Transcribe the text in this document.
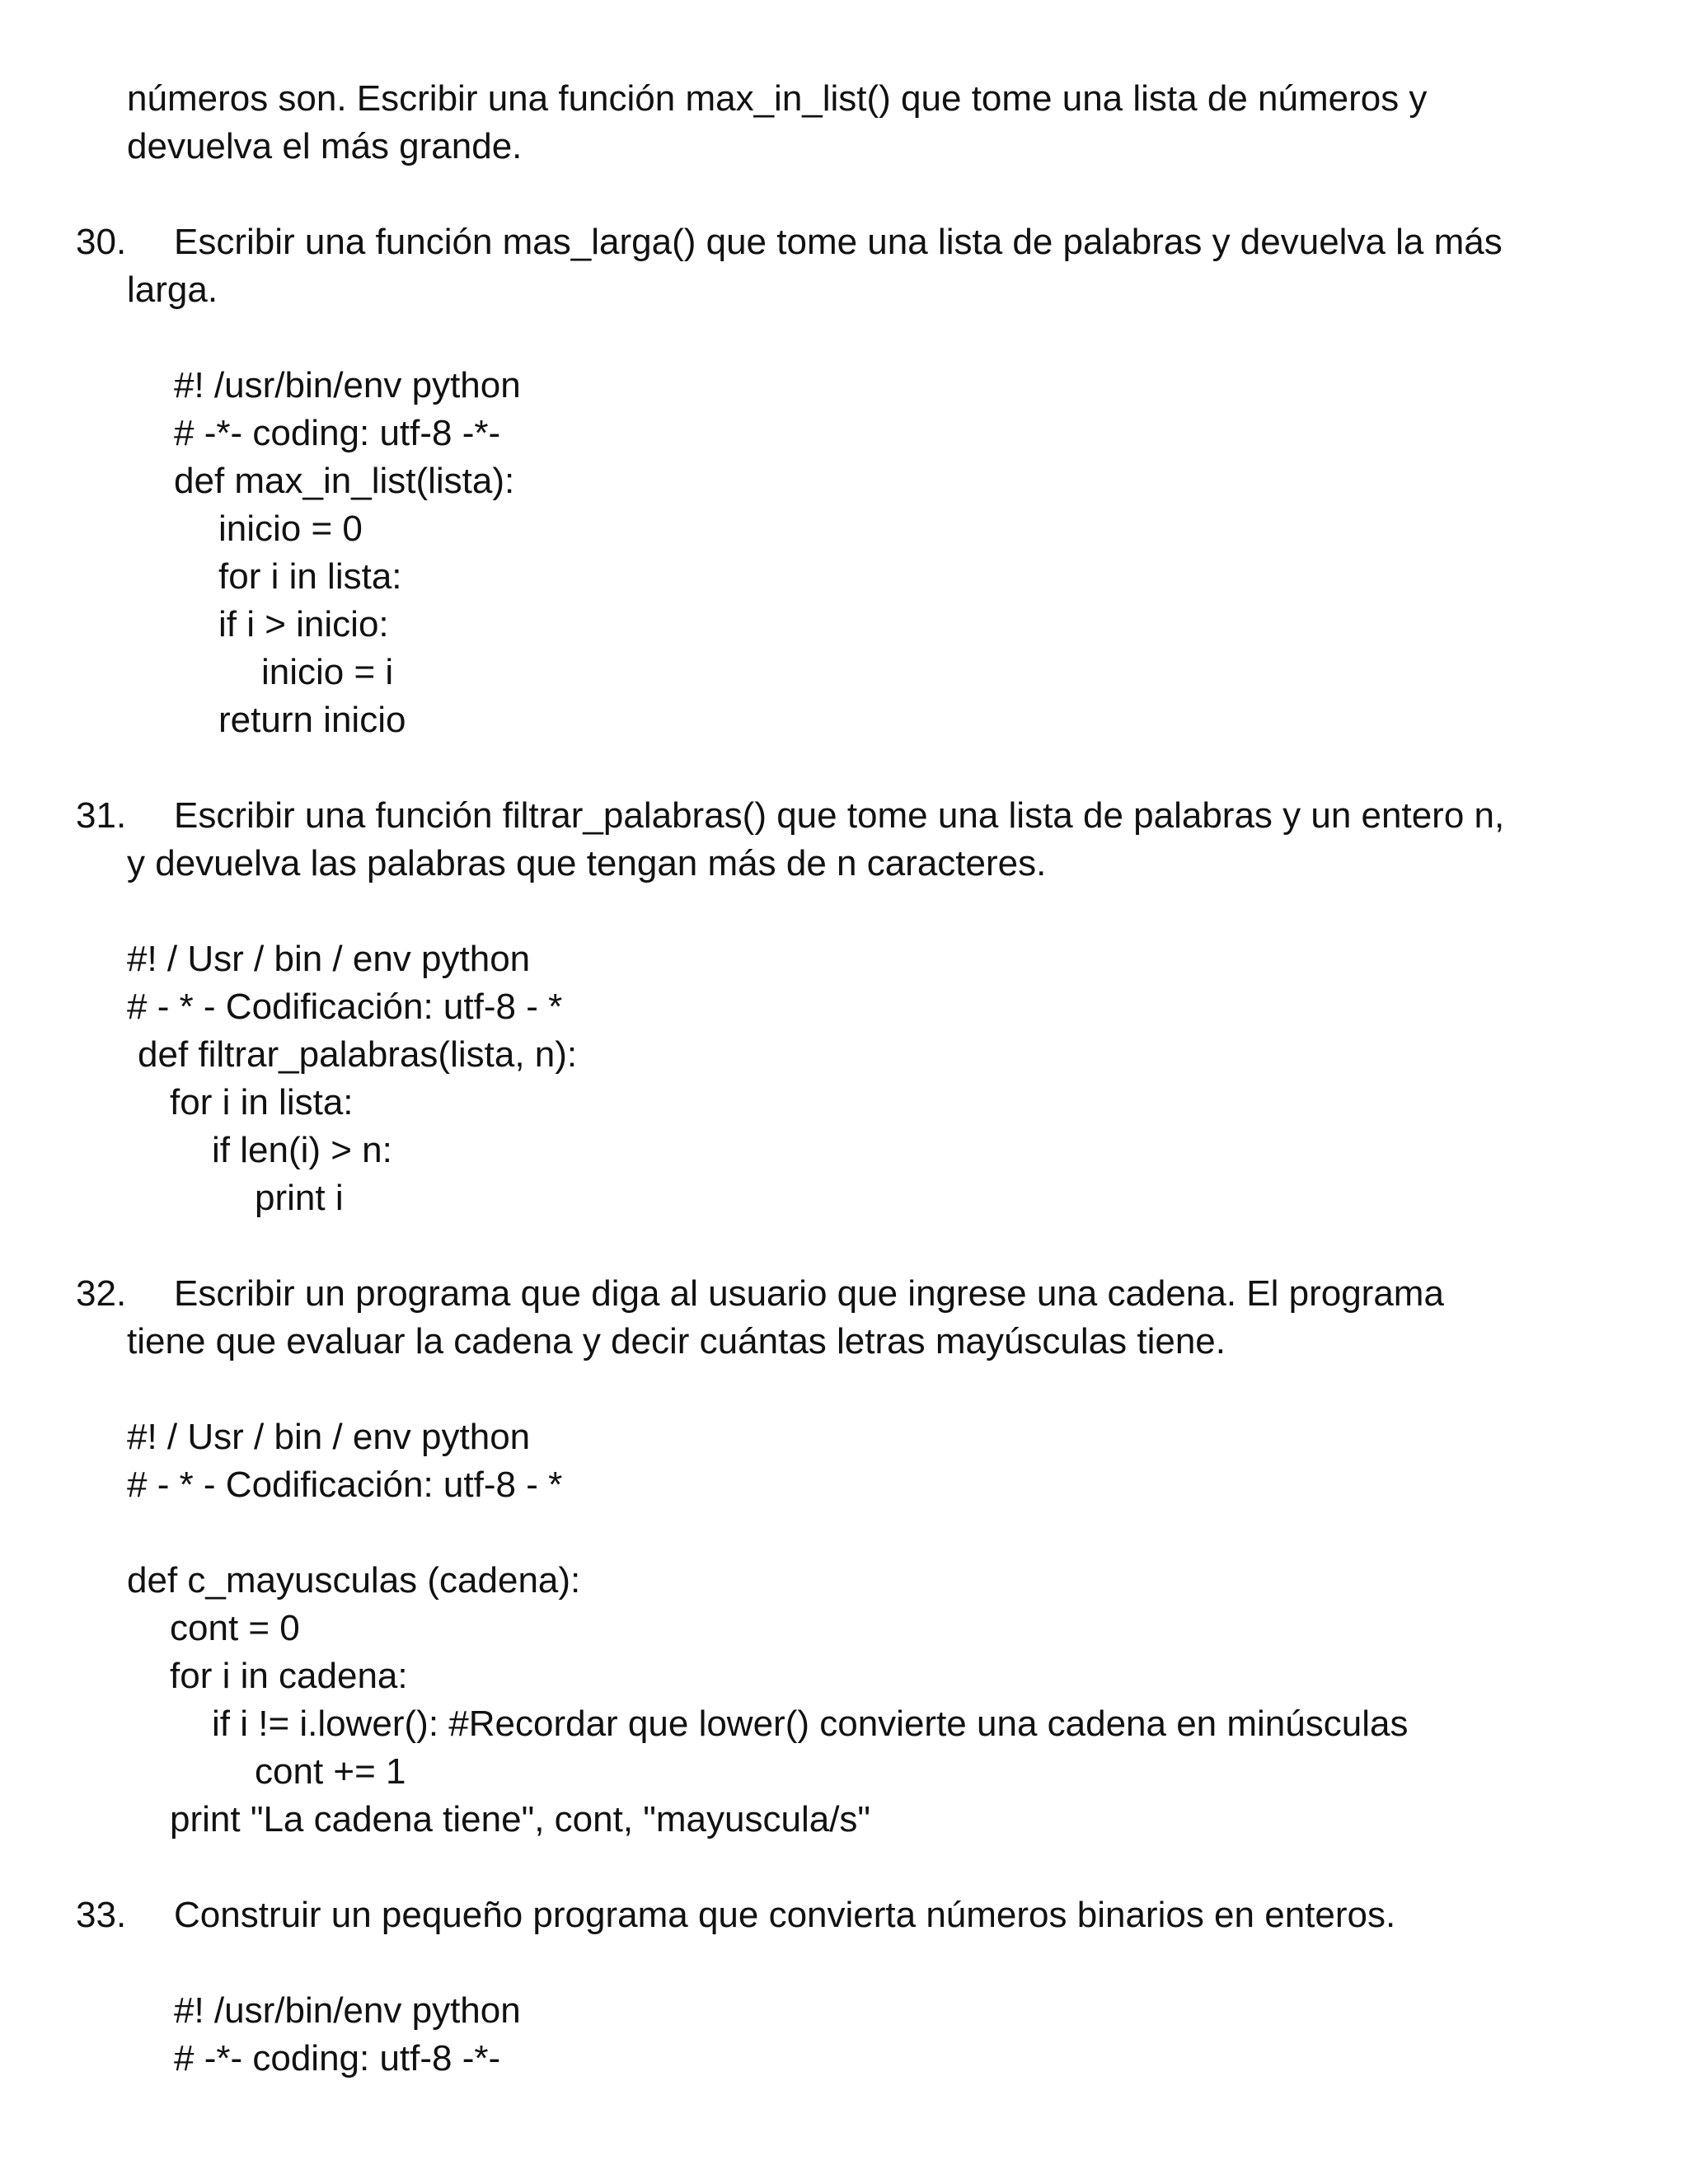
números son. Escribir una función max_in_list() que tome una lista de números y
devuelva el más grande.
30. Escribir una función mas_larga() que tome una lista de palabras y devuelva la más
larga.
#! /usr/bin/env python
# -*- coding: utf-8 -*-
def max_in_list(lista):
inicio = 0
for i in lista:
if i > inicio:
inicio = i
return inicio
31. Escribir una función filtrar_palabras() que tome una lista de palabras y un entero n,
y devuelva las palabras que tengan más de n caracteres.
#! / Usr / bin / env python
# - * - Codificación: utf-8 - *
def filtrar_palabras(lista, n):
for i in lista:
if len(i) > n:
print i
32. Escribir un programa que diga al usuario que ingrese una cadena. El programa
tiene que evaluar la cadena y decir cuántas letras mayúsculas tiene.
#! / Usr / bin / env python
# - * - Codificación: utf-8 - *
def c_mayusculas (cadena):
cont = 0
for i in cadena:
if i != i.lower(): #Recordar que lower() convierte una cadena en minúsculas
cont += 1
print "La cadena tiene", cont, "mayuscula/s"
33. Construir un pequeño programa que convierta números binarios en enteros.
#! /usr/bin/env python
# -*- coding: utf-8 -*-
